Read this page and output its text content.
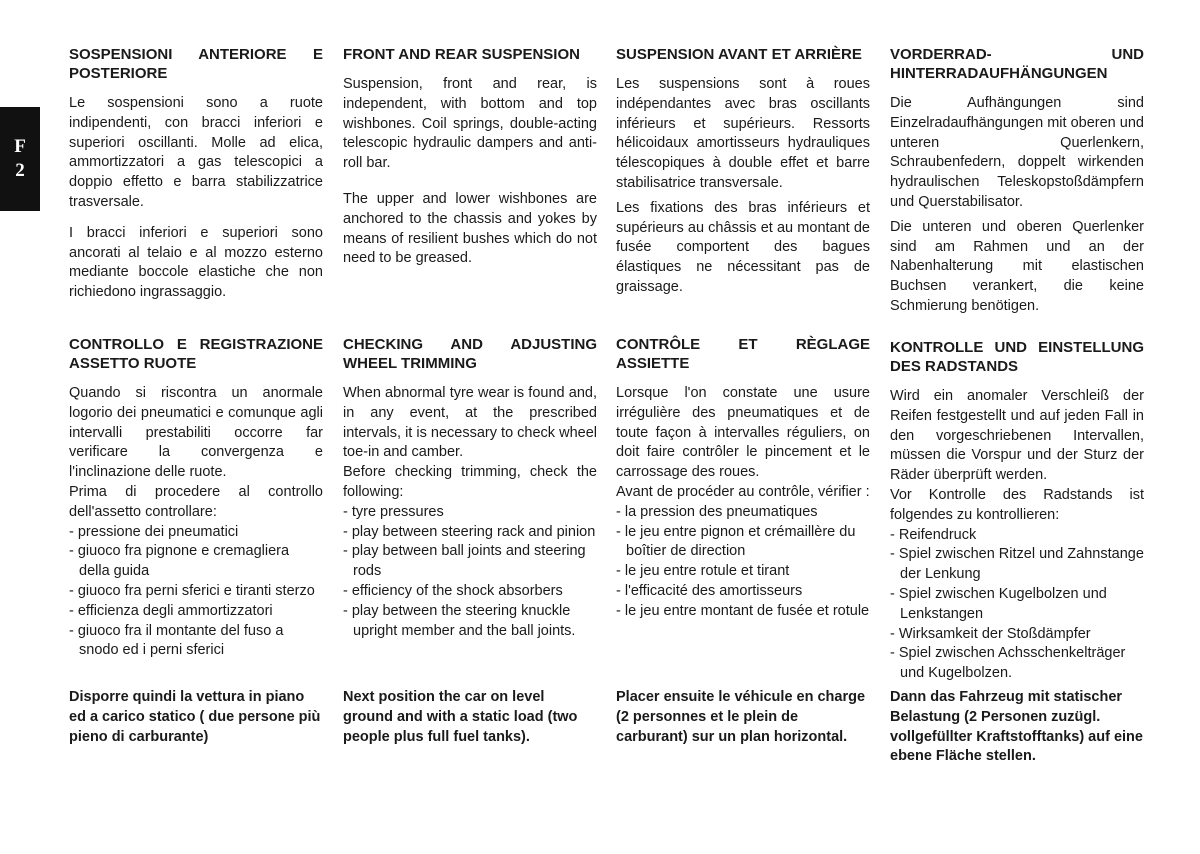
F
2
SOSPENSIONI ANTERIORE E POSTERIORE

Le sospensioni sono a ruote indipendenti, con bracci inferiori e superiori oscillanti. Molle ad elica, ammortizzatori a gas telescopici a doppio effetto e barra stabilizzatrice trasversale.

I bracci inferiori e superiori sono ancorati al telaio e al mozzo esterno mediante boccole elastiche che non richiedono ingrassaggio.

CONTROLLO E REGISTRAZIONE ASSETTO RUOTE

Quando si riscontra un anormale logorio dei pneumatici e comunque agli intervalli prestabiliti occorre far verificare la convergenza e l'inclinazione delle ruote.

Prima di procedere al controllo dell'assetto controllare:

- pressione dei pneumatici
- giuoco fra pignone e cremagliera della guida
- giuoco fra perni sferici e tiranti sterzo
- efficienza degli ammortizzatori
- giuoco fra il montante del fuso a snodo ed i perni sferici

Disporre quindi la vettura in piano ed a carico statico ( due persone più pieno di carburante)

FRONT AND REAR SUSPENSION

Suspension, front and rear, is independent, with bottom and top wishbones. Coil springs, double-acting telescopic hydraulic dampers and anti-roll bar.

The upper and lower wishbones are anchored to the chassis and yokes by means of resilient bushes which do not need to be greased.

CHECKING AND ADJUSTING WHEEL TRIMMING

When abnormal tyre wear is found and, in any event, at the prescribed intervals, it is necessary to check wheel toe-in and camber.

Before checking trimming, check the following:

- tyre pressures
- play between steering rack and pinion
- play between ball joints and steering rods
- efficiency of the shock absorbers
- play between the steering knuckle upright member and the ball joints.

Next position the car on level ground and with a static load (two people plus full fuel tanks).

SUSPENSION AVANT ET ARRIÈRE

Les suspensions sont à roues indépendantes avec bras oscillants inférieurs et supérieurs. Ressorts hélicoidaux amortisseurs hydrauliques télescopiques à double effet et barre stabilisatrice transversale.

Les fixations des bras inférieurs et supérieurs au châssis et au montant de fusée comportent des bagues élastiques ne nécessitant pas de graissage.

CONTRÔLE ET RÈGLAGE ASSIETTE

Lorsque l'on constate une usure irrégulière des pneumatiques et de toute façon à intervalles réguliers, on doit faire contrôler le pincement et le carrossage des roues.

Avant de procéder au contrôle, vérifier :

- la pression des pneumatiques
- le jeu entre pignon et crémaillère du boîtier de direction
- le jeu entre rotule et tirant
- l'efficacité des amortisseurs
- le jeu entre montant de fusée et rotule

Placer ensuite le véhicule en charge (2 personnes et le plein de carburant) sur un plan horizontal.

VORDERRAD- UND HINTERRADAUFHÄNGUNGEN

Die Aufhängungen sind Einzelradaufhängungen mit oberen und unteren Querlenkern, Schraubenfedern, doppelt wirkenden hydraulischen Teleskopstoßdämpfern und Querstabilisator.

Die unteren und oberen Querlenker sind am Rahmen und an der Nabenhalterung mit elastischen Buchsen verankert, die keine Schmierung benötigen.

KONTROLLE UND EINSTELLUNG DES RADSTANDS

Wird ein anomaler Verschleiß der Reifen festgestellt und auf jeden Fall in den vorgeschriebenen Intervallen, müssen die Vorspur und der Sturz der Räder überprüft werden.

Vor Kontrolle des Radstands ist folgendes zu kontrollieren:

- Reifendruck
- Spiel zwischen Ritzel und Zahnstange der Lenkung
- Spiel zwischen Kugelbolzen und Lenkstangen
- Wirksamkeit der Stoßdämpfer
- Spiel zwischen Achsschenkelträger und Kugelbolzen.

Dann das Fahrzeug mit statischer Belastung (2 Personen zuzügl. vollgefüllter Kraftstofftanks) auf eine ebene Fläche stellen.
